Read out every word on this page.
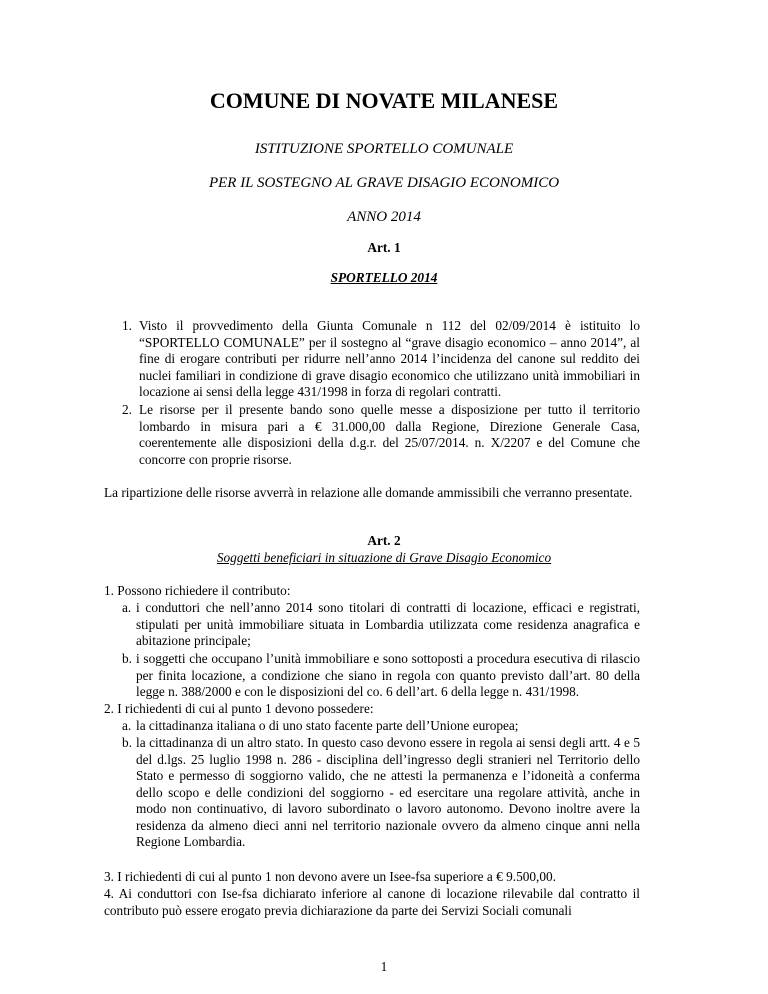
COMUNE DI NOVATE MILANESE
ISTITUZIONE SPORTELLO COMUNALE
PER IL SOSTEGNO AL GRAVE DISAGIO ECONOMICO
ANNO 2014
Art. 1
SPORTELLO 2014
1. Visto il provvedimento della Giunta Comunale n 112 del 02/09/2014 è istituito lo “SPORTELLO COMUNALE” per il sostegno al “grave disagio economico – anno 2014”, al fine di erogare contributi per ridurre nell’anno 2014 l’incidenza del canone sul reddito dei nuclei familiari in condizione di grave disagio economico che utilizzano unità immobiliari in locazione ai sensi della legge 431/1998 in forza di regolari contratti.
2. Le risorse per il presente bando sono quelle messe a disposizione per tutto il territorio lombardo in misura pari a € 31.000,00 dalla Regione, Direzione Generale Casa, coerentemente alle disposizioni della d.g.r. del 25/07/2014. n. X/2207 e del Comune che concorre con proprie risorse.
La ripartizione delle risorse avverrà in relazione alle domande ammissibili che verranno presentate.
Art. 2
Soggetti beneficiari in situazione di Grave Disagio Economico
1. Possono richiedere il contributo:
a. i conduttori che nell’anno 2014 sono titolari di contratti di locazione, efficaci e registrati, stipulati per unità immobiliare situata in Lombardia utilizzata come residenza anagrafica e abitazione principale;
b. i soggetti che occupano l’unità immobiliare e sono sottoposti a procedura esecutiva di rilascio per finita locazione, a condizione che siano in regola con quanto previsto dall’art. 80 della legge n. 388/2000 e con le disposizioni del co. 6 dell’art. 6 della legge n. 431/1998.
2. I richiedenti di cui al punto 1 devono possedere:
a. la cittadinanza italiana o di uno stato facente parte dell’Unione europea;
b. la cittadinanza di un altro stato. In questo caso devono essere in regola ai sensi degli artt. 4 e 5 del d.lgs. 25 luglio 1998 n. 286 - disciplina dell’ingresso degli stranieri nel Territorio dello Stato e permesso di soggiorno valido, che ne attesti la permanenza e l’idoneità a conferma dello scopo e delle condizioni del soggiorno - ed esercitare una regolare attività, anche in modo non continuativo, di lavoro subordinato o lavoro autonomo. Devono inoltre avere la residenza da almeno dieci anni nel territorio nazionale ovvero da almeno cinque anni nella Regione Lombardia.
3. I richiedenti di cui al punto 1 non devono avere un Isee-fsa superiore a € 9.500,00.
4. Ai conduttori con Ise-fsa dichiarato inferiore al canone di locazione rilevabile dal contratto il contributo può essere erogato previa dichiarazione da parte dei Servizi Sociali comunali
1
